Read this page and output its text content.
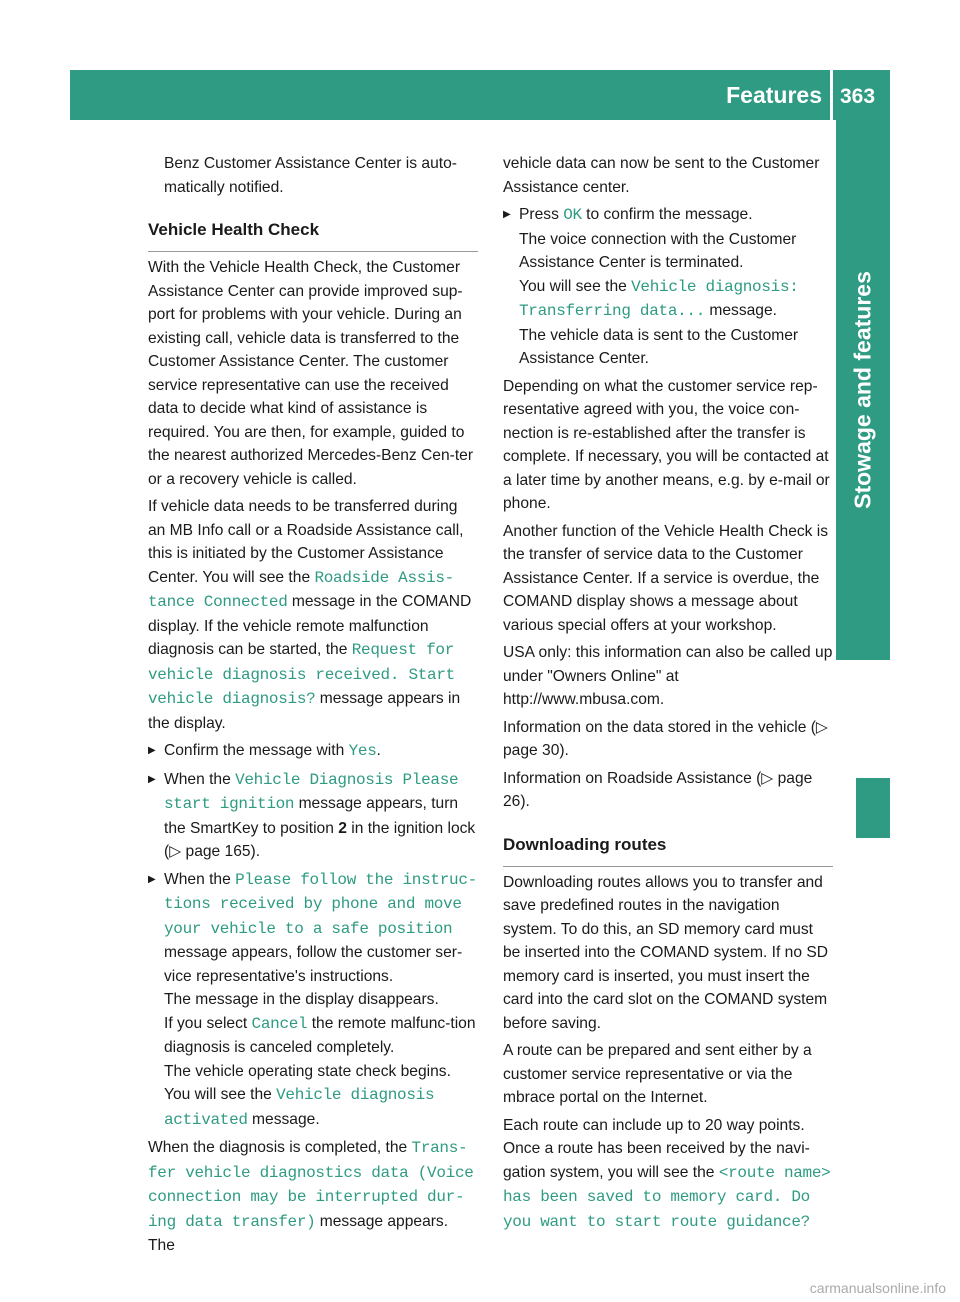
Features 363
Stowage and features

Benz Customer Assistance Center is auto-matically notified.

Vehicle Health Check

With the Vehicle Health Check, the Customer Assistance Center can provide improved sup-port for problems with your vehicle. During an existing call, vehicle data is transferred to the Customer Assistance Center. The customer service representative can use the received data to decide what kind of assistance is required. You are then, for example, guided to the nearest authorized Mercedes-Benz Cen-ter or a recovery vehicle is called.

If vehicle data needs to be transferred during an MB Info call or a Roadside Assistance call, this is initiated by the Customer Assistance Center. You will see the Roadside Assis-tance Connected message in the COMAND display. If the vehicle remote malfunction diagnosis can be started, the Request for vehicle diagnosis received. Start vehicle diagnosis? message appears in the display.

▶ Confirm the message with Yes.

▶ When the Vehicle Diagnosis Please start ignition message appears, turn the SmartKey to position 2 in the ignition lock (▷ page 165).

▶ When the Please follow the instruc-tions received by phone and move your vehicle to a safe position message appears, follow the customer ser-vice representative's instructions.

The message in the display disappears.

If you select Cancel the remote malfunc-tion diagnosis is canceled completely.

The vehicle operating state check begins. You will see the Vehicle diagnosis activated message.

When the diagnosis is completed, the Trans-fer vehicle diagnostics data (Voice connection may be interrupted dur-ing data transfer) message appears. The

vehicle data can now be sent to the Customer Assistance center.

▶ Press OK to confirm the message.

The voice connection with the Customer Assistance Center is terminated.

You will see the Vehicle diagnosis: Transferring data... message.

The vehicle data is sent to the Customer Assistance Center.

Depending on what the customer service rep-resentative agreed with you, the voice con-nection is re-established after the transfer is complete. If necessary, you will be contacted at a later time by another means, e.g. by e-mail or phone.

Another function of the Vehicle Health Check is the transfer of service data to the Customer Assistance Center. If a service is overdue, the COMAND display shows a message about various special offers at your workshop.

USA only: this information can also be called up under "Owners Online" at http://www.mbusa.com.

Information on the data stored in the vehicle (▷ page 30).

Information on Roadside Assistance (▷ page 26).

Downloading routes

Downloading routes allows you to transfer and save predefined routes in the navigation system. To do this, an SD memory card must be inserted into the COMAND system. If no SD memory card is inserted, you must insert the card into the card slot on the COMAND system before saving.

A route can be prepared and sent either by a customer service representative or via the mbrace portal on the Internet.

Each route can include up to 20 way points. Once a route has been received by the navi-gation system, you will see the <route name> has been saved to memory card. Do you want to start route guidance?

carmanualsonline.info
